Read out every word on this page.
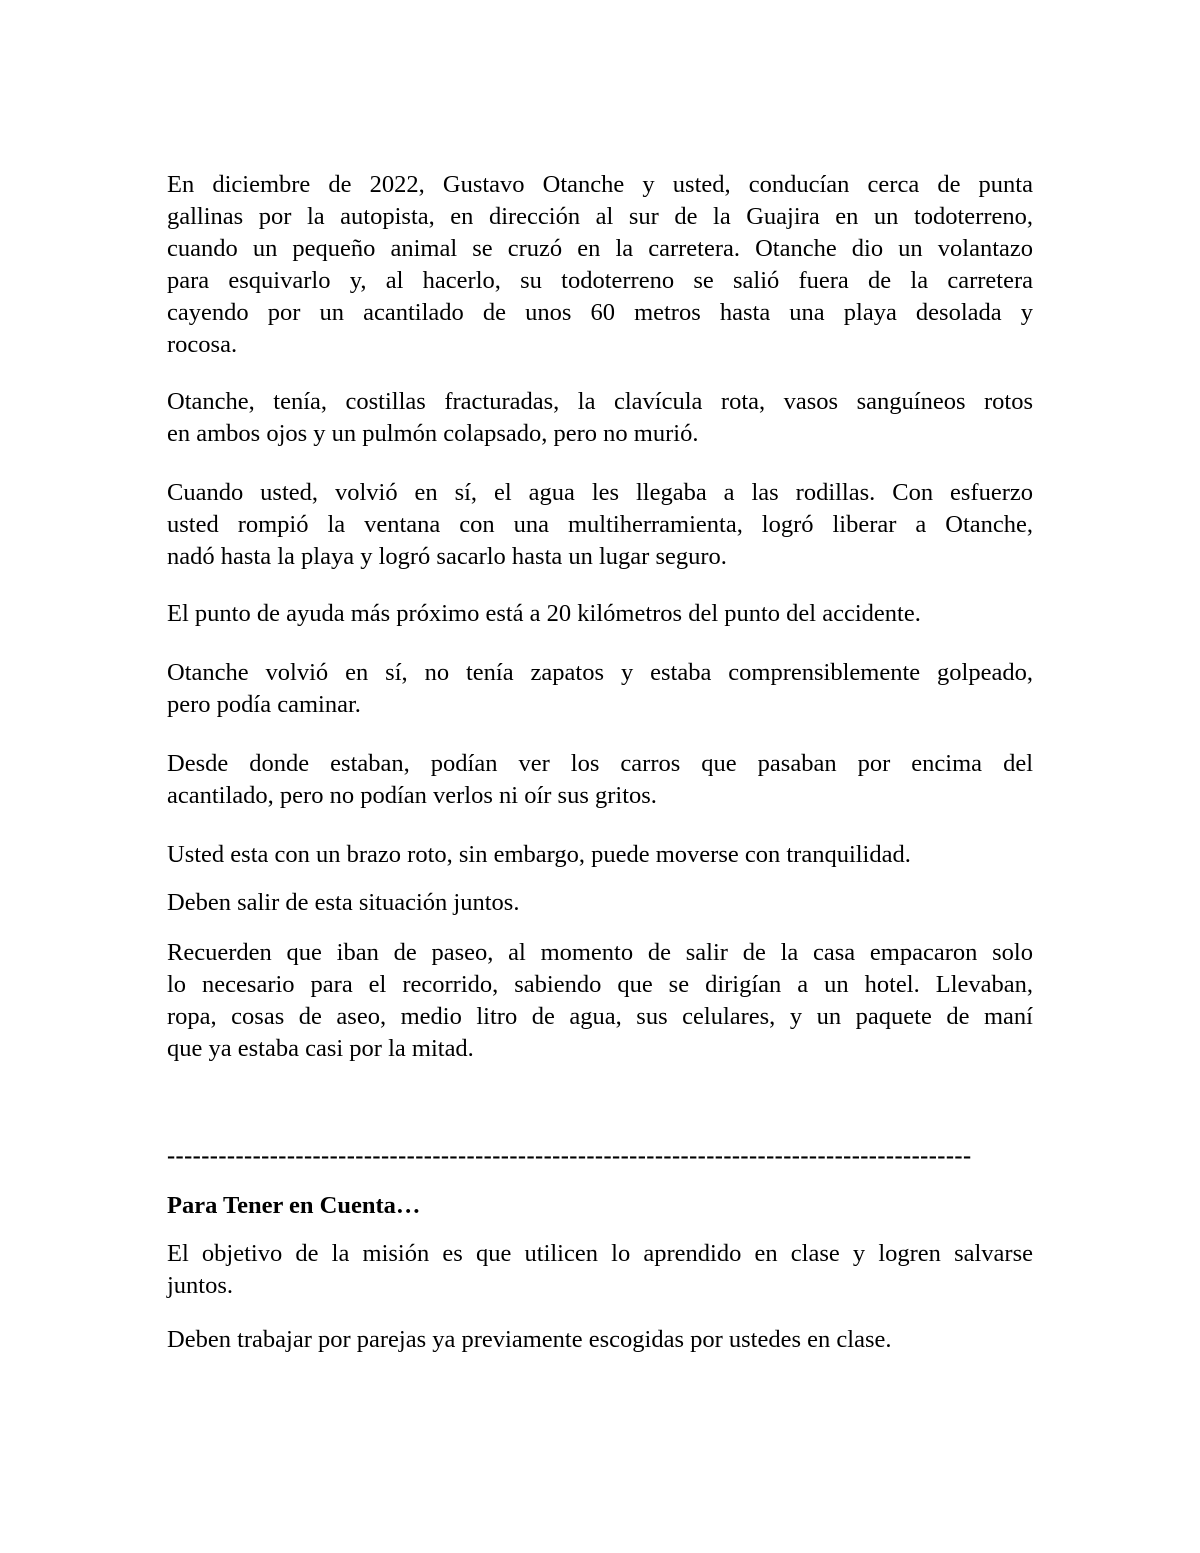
En diciembre de 2022, Gustavo Otanche y usted, conducían cerca de punta
gallinas por la autopista, en dirección al sur de la Guajira en un todoterreno,
cuando un pequeño animal se cruzó en la carretera. Otanche dio un volantazo
para esquivarlo y, al hacerlo, su todoterreno se salió fuera de la carretera
cayendo por un acantilado de unos 60 metros hasta una playa desolada y
rocosa.

Otanche, tenía, costillas fracturadas, la clavícula rota, vasos sanguíneos rotos
en ambos ojos y un pulmón colapsado, pero no murió.

Cuando usted, volvió en sí, el agua les llegaba a las rodillas. Con esfuerzo
usted rompió la ventana con una multiherramienta, logró liberar a Otanche,
nadó hasta la playa y logró sacarlo hasta un lugar seguro.

El punto de ayuda más próximo está a 20 kilómetros del punto del accidente.

Otanche volvió en sí, no tenía zapatos y estaba comprensiblemente golpeado,
pero podía caminar.

Desde donde estaban, podían ver los carros que pasaban por encima del
acantilado, pero no podían verlos ni oír sus gritos.

Usted esta con un brazo roto, sin embargo, puede moverse con tranquilidad.

Deben salir de esta situación juntos.

Recuerden que iban de paseo, al momento de salir de la casa empacaron solo
lo necesario para el recorrido, sabiendo que se dirigían a un hotel. Llevaban,
ropa, cosas de aseo, medio litro de agua, sus celulares, y un paquete de maní
que ya estaba casi por la mitad.

----------------------------------------------------------------------------------------------
Para Tener en Cuenta…

El objetivo de la misión es que utilicen lo aprendido en clase y logren salvarse
juntos.

Deben trabajar por parejas ya previamente escogidas por ustedes en clase.
